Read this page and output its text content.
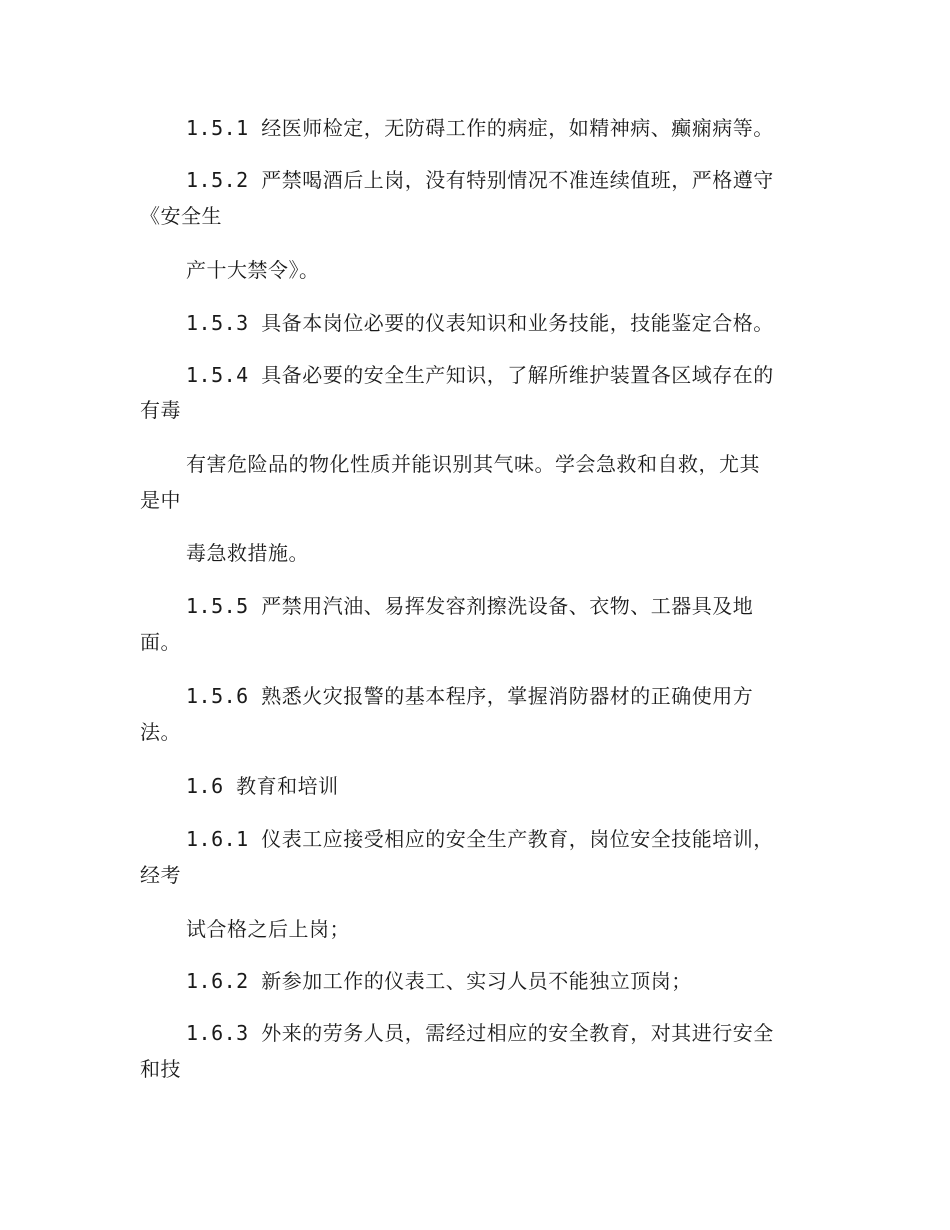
1.5.1 经医师检定，无防碍工作的病症，如精神病、癫痫病等。
1.5.2 严禁喝酒后上岗，没有特别情况不准连续值班，严格遵守
《安全生
产十大禁令》。
1.5.3 具备本岗位必要的仪表知识和业务技能，技能鉴定合格。
1.5.4 具备必要的安全生产知识，了解所维护装置各区域存在的
有毒
有害危险品的物化性质并能识别其气味。学会急救和自救，尤其
是中
毒急救措施。
1.5.5 严禁用汽油、易挥发容剂擦洗设备、衣物、工器具及地
面。
1.5.6 熟悉火灾报警的基本程序，掌握消防器材的正确使用方
法。
1.6 教育和培训
1.6.1 仪表工应接受相应的安全生产教育，岗位安全技能培训，
经考
试合格之后上岗；
1.6.2 新参加工作的仪表工、实习人员不能独立顶岗；
1.6.3 外来的劳务人员，需经过相应的安全教育，对其进行安全
和技
